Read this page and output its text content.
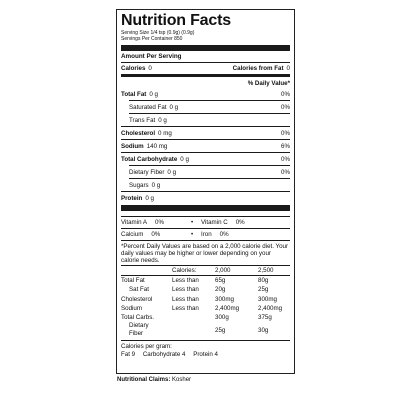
Nutrition Facts
Serving Size 1/4 tsp (0.9g) (0.9g)
Servings Per Container 850
Amount Per Serving
Calories 0	Calories from Fat 0
% Daily Value*
Total Fat 0 g	0%
Saturated Fat 0 g	0%
Trans Fat 0 g
Cholesterol 0 mg	0%
Sodium 140 mg	6%
Total Carbohydrate 0 g	0%
Dietary Fiber 0 g	0%
Sugars 0 g
Protein 0 g
Vitamin A 0%	•	Vitamin C 0%
Calcium 0%	•	Iron 0%
*Percent Daily Values are based on a 2,000 calorie diet. Your daily values may be higher or lower depending on your calorie needs.
	Calories:	2,000	2,500
Total Fat	Less than	65g	80g
Sat Fat	Less than	20g	25g
Cholesterol	Less than	300mg	300mg
Sodium	Less than	2,400mg	2,400mg
Total Carbs.		300g	375g

Dietary
Fiber		25g	30g
Calories per gram:
Fat 9 Carbohydrate 4 Protein 4
Nutritional Claims: Kosher
